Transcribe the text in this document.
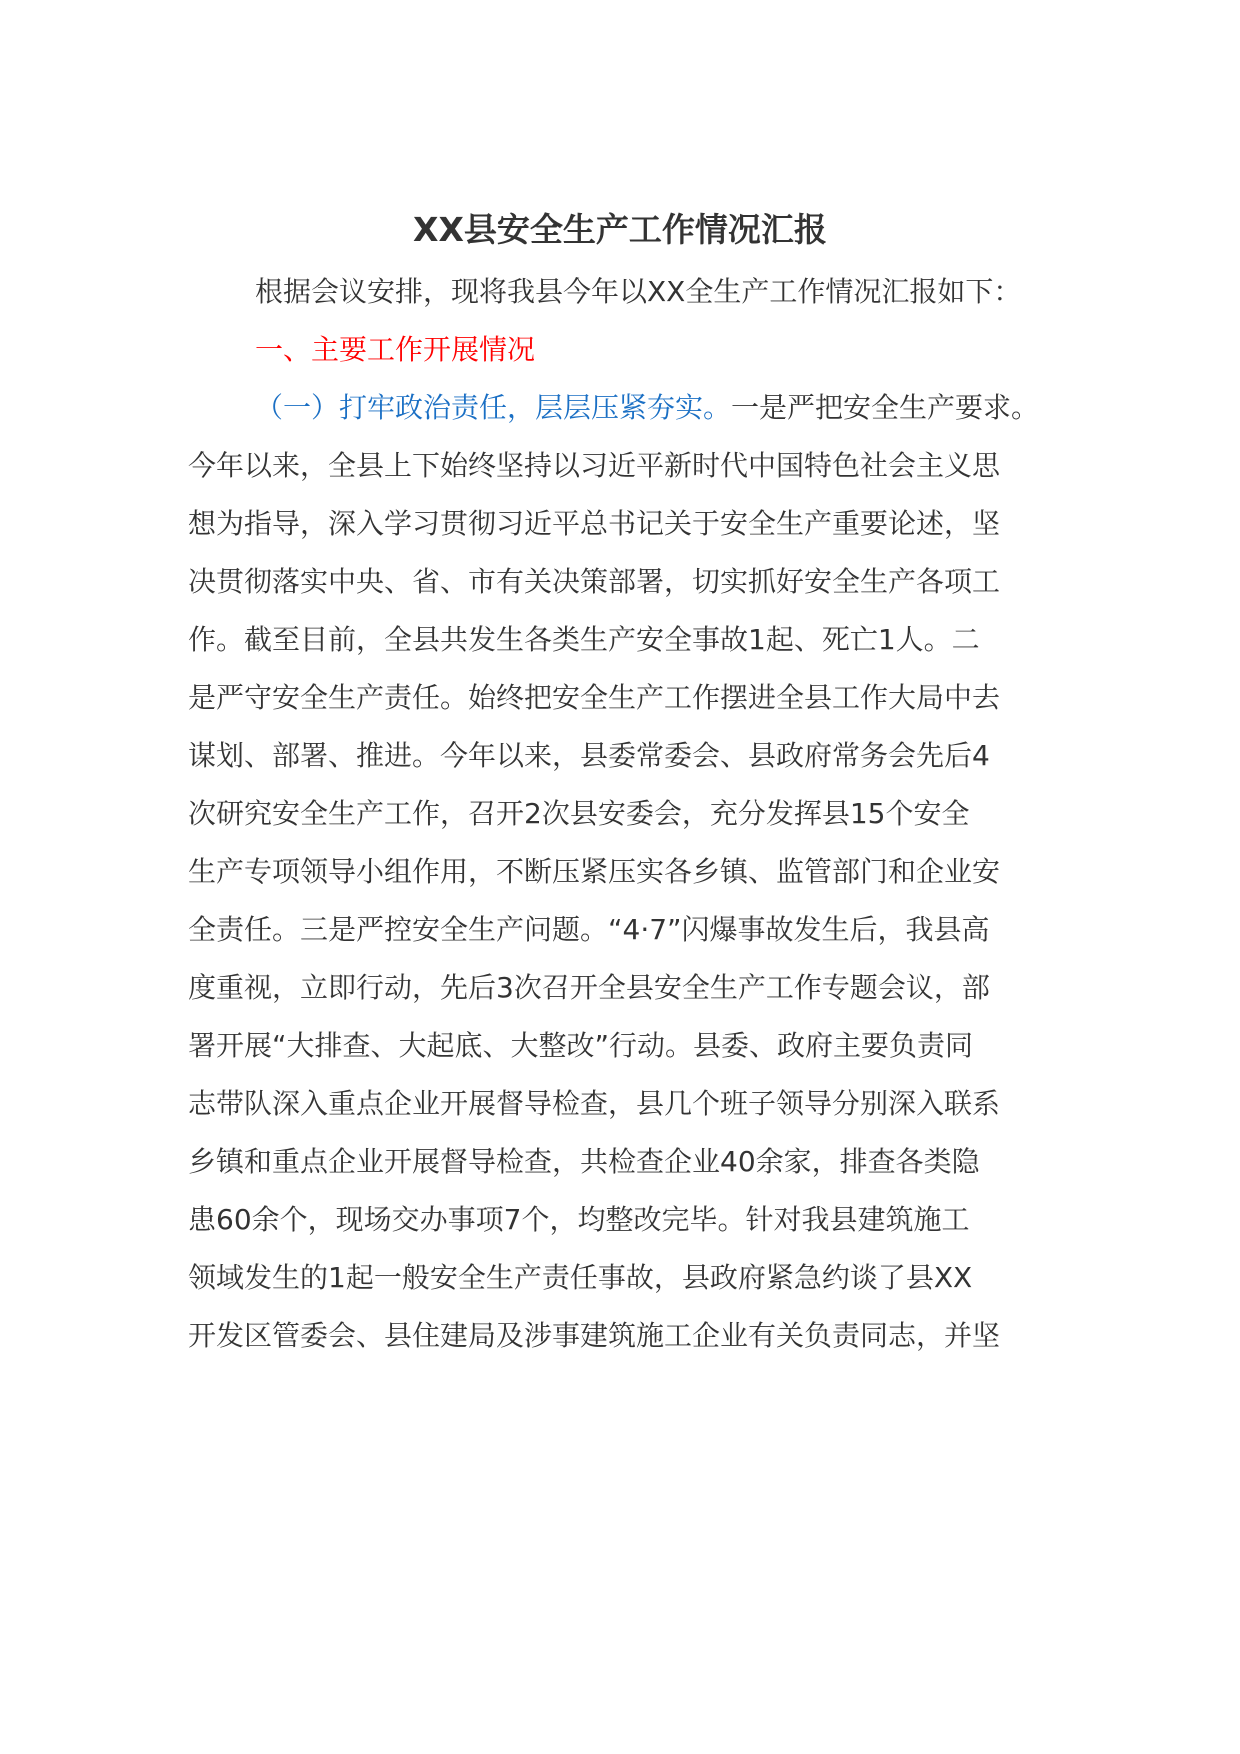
XX县安全生产工作情况汇报
根据会议安排，现将我县今年以XX全生产工作情况汇报如下：
一、主要工作开展情况
（一）打牢政治责任，层层压紧夯实。一是严把安全生产要求。
今年以来，全县上下始终坚持以习近平新时代中国特色社会主义思
想为指导，深入学习贯彻习近平总书记关于安全生产重要论述，坚
决贯彻落实中央、省、市有关决策部署，切实抓好安全生产各项工
作。截至目前，全县共发生各类生产安全事故1起、死亡1人。二
是严守安全生产责任。始终把安全生产工作摆进全县工作大局中去
谋划、部署、推进。今年以来，县委常委会、县政府常务会先后4
次研究安全生产工作，召开2次县安委会，充分发挥县15个安全
生产专项领导小组作用，不断压紧压实各乡镇、监管部门和企业安
全责任。三是严控安全生产问题。“4·7”闪爆事故发生后，我县高
度重视，立即行动，先后3次召开全县安全生产工作专题会议，部
署开展“大排查、大起底、大整改”行动。县委、政府主要负责同
志带队深入重点企业开展督导检查，县几个班子领导分别深入联系
乡镇和重点企业开展督导检查，共检查企业40余家，排查各类隐
患60余个，现场交办事项7个，均整改完毕。针对我县建筑施工
领域发生的1起一般安全生产责任事故，县政府紧急约谈了县XX
开发区管委会、县住建局及涉事建筑施工企业有关负责同志，并坚
